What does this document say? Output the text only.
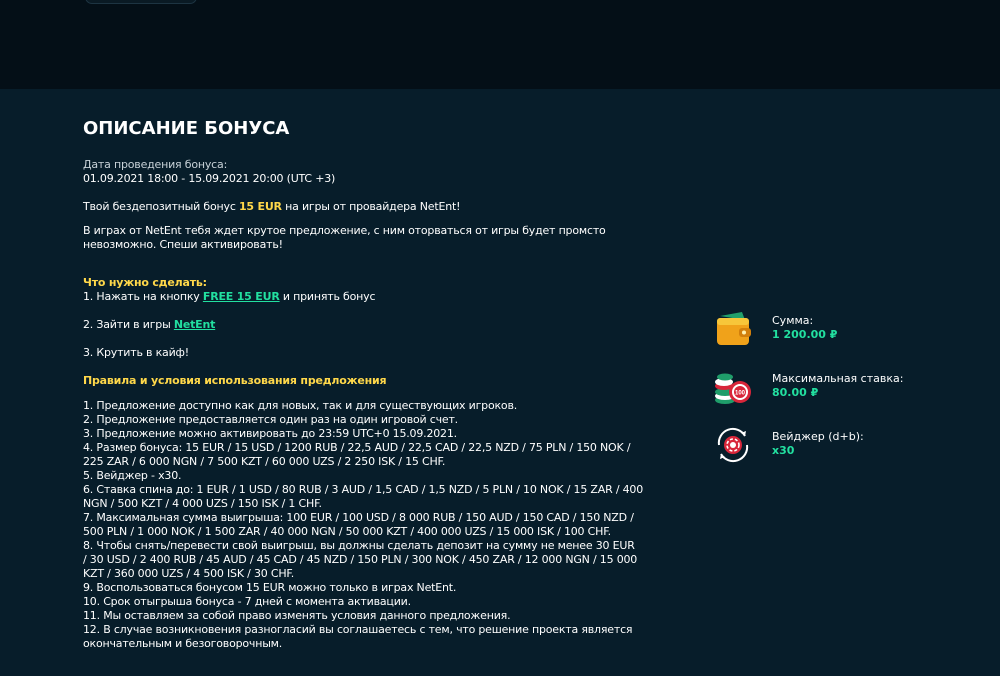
ОПИСАНИЕ БОНУСА

Дата проведения бонуса:

01.09.2021 18:00 - 15.09.2021 20:00 (UTC +3)

Твой бездепозитный бонус 15 EUR на игры от провайдера NetEnt!

В играх от NetEnt тебя ждет крутое предложение, с ним оторваться от игры будет промсто

невозможно. Спеши активировать!

Что нужно сделать:

1. Нажать на кнопку FREE 15 EUR и принять бонус

2. Зайти в игры NetEnt

3. Крутить в кайф!

Правила и условия использования предложения

1. Предложение доступно как для новых, так и для существующих игроков.

2. Предложение предоставляется один раз на один игровой счет.

3. Предложение можно активировать до 23:59 UTC+0 15.09.2021.

4. Размер бонуса: 15 EUR / 15 USD / 1200 RUB / 22,5 AUD / 22,5 CAD / 22,5 NZD / 75 PLN / 150 NOK /

225 ZAR / 6 000 NGN / 7 500 KZT / 60 000 UZS / 2 250 ISK / 15 CHF.

5. Вейджер - х30.

6. Ставка спина до: 1 EUR / 1 USD / 80 RUB / 3 AUD / 1,5 CAD / 1,5 NZD / 5 PLN / 10 NOK / 15 ZAR / 400

NGN / 500 KZT / 4 000 UZS / 150 ISK / 1 CHF.

7. Максимальная сумма выигрыша: 100 EUR / 100 USD / 8 000 RUB / 150 AUD / 150 CAD / 150 NZD /

500 PLN / 1 000 NOK / 1 500 ZAR / 40 000 NGN / 50 000 KZT / 400 000 UZS / 15 000 ISK / 100 CHF.

8. Чтобы снять/перевести свой выигрыш, вы должны сделать депозит на сумму не менее 30 EUR

/ 30 USD / 2 400 RUB / 45 AUD / 45 CAD / 45 NZD / 150 PLN / 300 NOK / 450 ZAR / 12 000 NGN / 15 000

KZT / 360 000 UZS / 4 500 ISK / 30 CHF.

9. Воспользоваться бонусом 15 EUR можно только в играх NetEnt.

10. Срок отыгрыша бонуса - 7 дней с момента активации.

11. Мы оставляем за собой право изменять условия данного предложения.

12. В случае возникновения разногласий вы соглашаетесь с тем, что решение проекта является

окончательным и безоговорочным.

Сумма:
1 200.00 ₽
100
Максимальная ставка:
80.00 ₽
Вейджер (d+b):
x30
